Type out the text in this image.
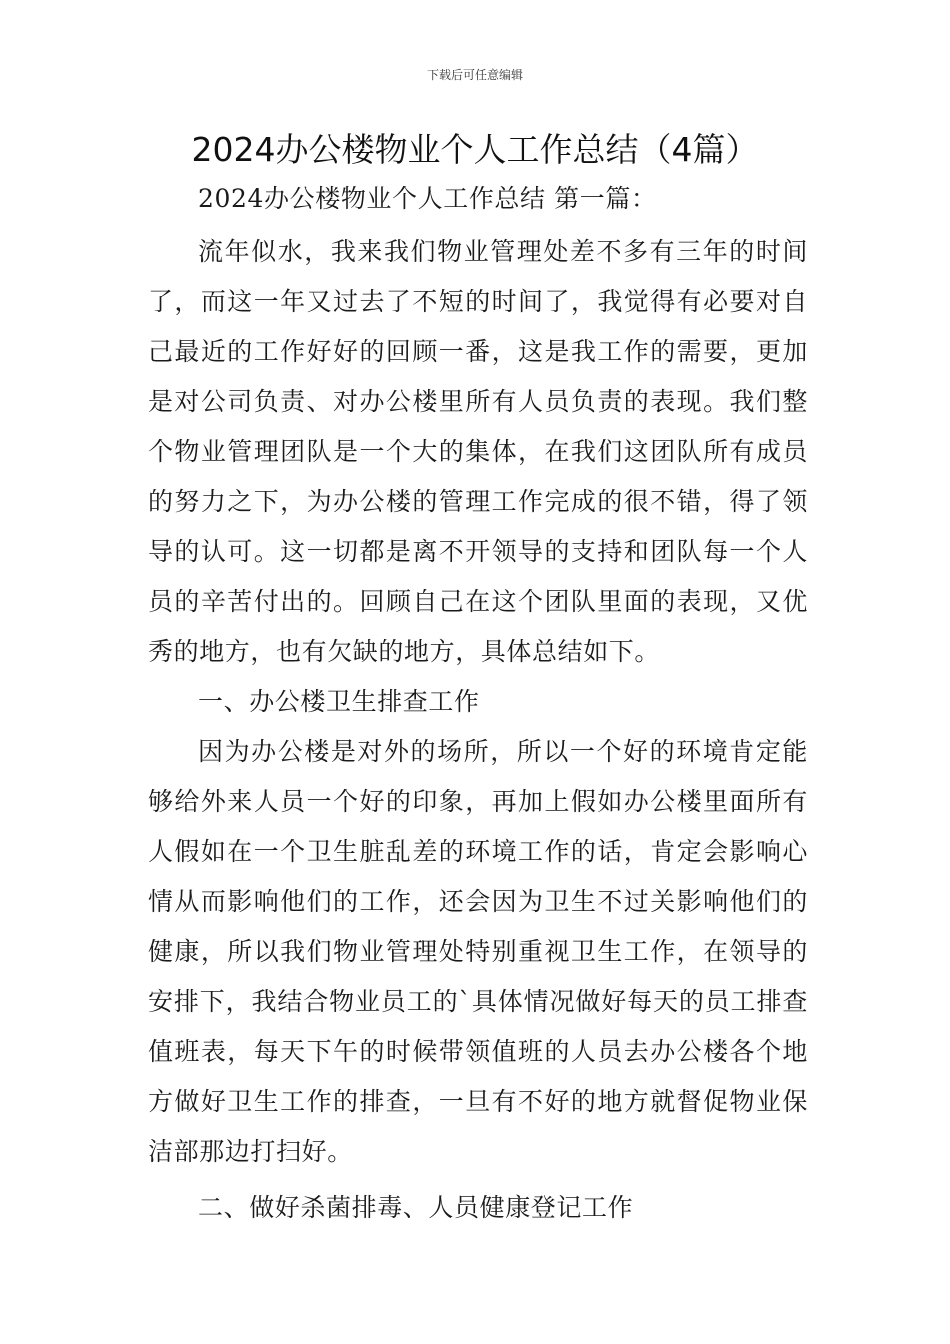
下载后可任意编辑
2024办公楼物业个人工作总结（4篇）

2024办公楼物业个人工作总结 第一篇：

流年似水，我来我们物业管理处差不多有三年的时间了，而这一年又过去了不短的时间了，我觉得有必要对自己最近的工作好好的回顾一番，这是我工作的需要，更加是对公司负责、对办公楼里所有人员负责的表现。我们整个物业管理团队是一个大的集体，在我们这团队所有成员的努力之下，为办公楼的管理工作完成的很不错，得了领导的认可。这一切都是离不开领导的支持和团队每一个人员的辛苦付出的。回顾自己在这个团队里面的表现，又优秀的地方，也有欠缺的地方，具体总结如下。

一、办公楼卫生排查工作

因为办公楼是对外的场所，所以一个好的环境肯定能够给外来人员一个好的印象，再加上假如办公楼里面所有人假如在一个卫生脏乱差的环境工作的话，肯定会影响心情从而影响他们的工作，还会因为卫生不过关影响他们的健康，所以我们物业管理处特别重视卫生工作，在领导的安排下，我结合物业员工的`具体情况做好每天的员工排查值班表，每天下午的时候带领值班的人员去办公楼各个地方做好卫生工作的排查，一旦有不好的地方就督促物业保洁部那边打扫好。

二、做好杀菌排毒、人员健康登记工作
